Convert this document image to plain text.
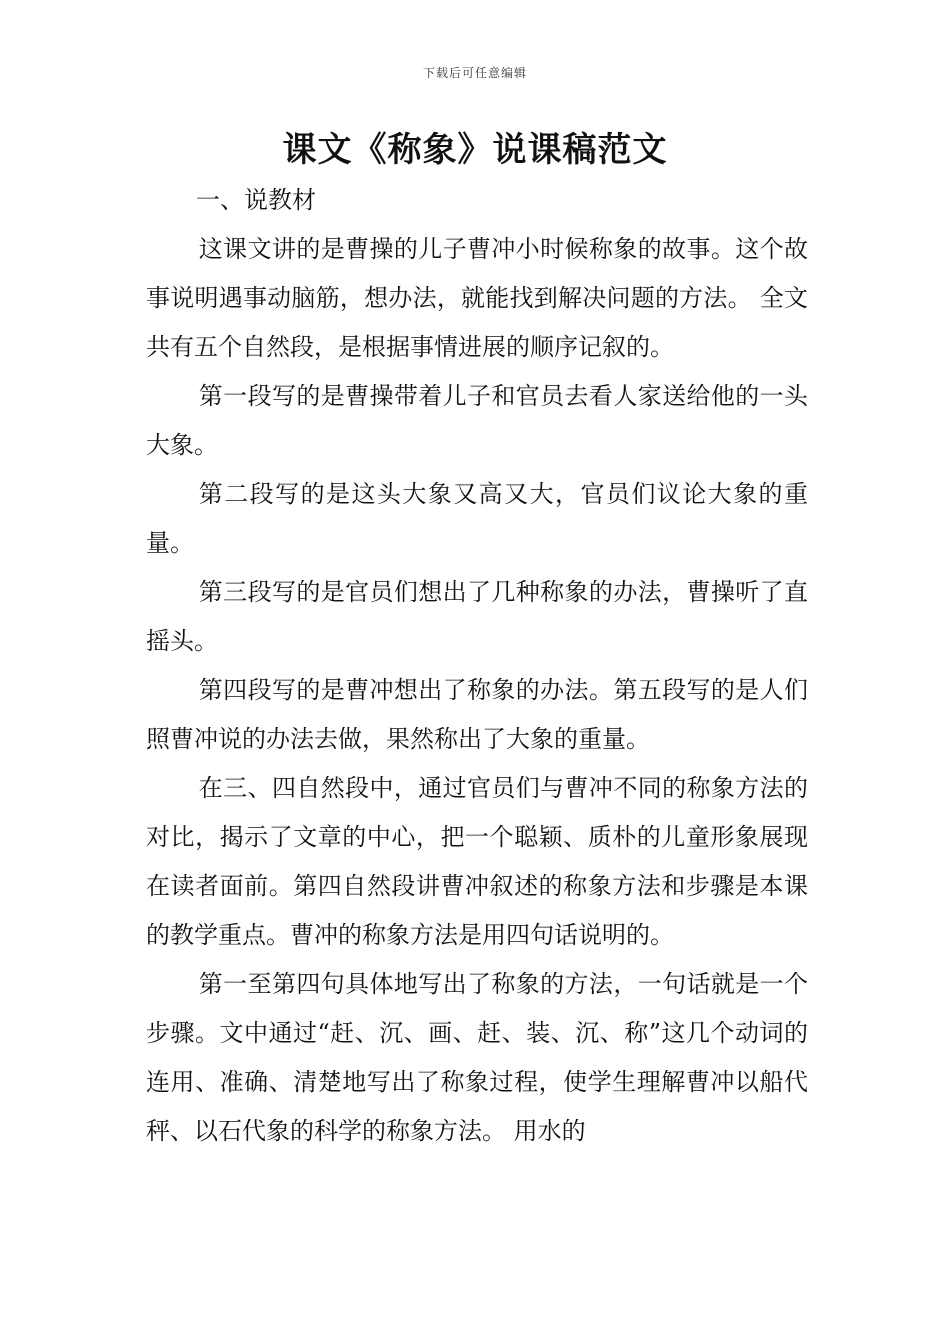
下载后可任意编辑
课文《称象》说课稿范文

一、说教材

这课文讲的是曹操的儿子曹冲小时候称象的故事。这个故事说明遇事动脑筋，想办法，就能找到解决问题的方法。 全文共有五个自然段，是根据事情进展的顺序记叙的。

第一段写的是曹操带着儿子和官员去看人家送给他的一头大象。

第二段写的是这头大象又高又大，官员们议论大象的重量。

第三段写的是官员们想出了几种称象的办法，曹操听了直摇头。

第四段写的是曹冲想出了称象的办法。第五段写的是人们照曹冲说的办法去做，果然称出了大象的重量。

在三、四自然段中，通过官员们与曹冲不同的称象方法的对比，揭示了文章的中心，把一个聪颖、质朴的儿童形象展现在读者面前。第四自然段讲曹冲叙述的称象方法和步骤是本课的教学重点。曹冲的称象方法是用四句话说明的。

第一至第四句具体地写出了称象的方法，一句话就是一个步骤。文中通过“赶、沉、画、赶、装、沉、称”这几个动词的连用、准确、清楚地写出了称象过程，使学生理解曹冲以船代秤、以石代象的科学的称象方法。 用水的
